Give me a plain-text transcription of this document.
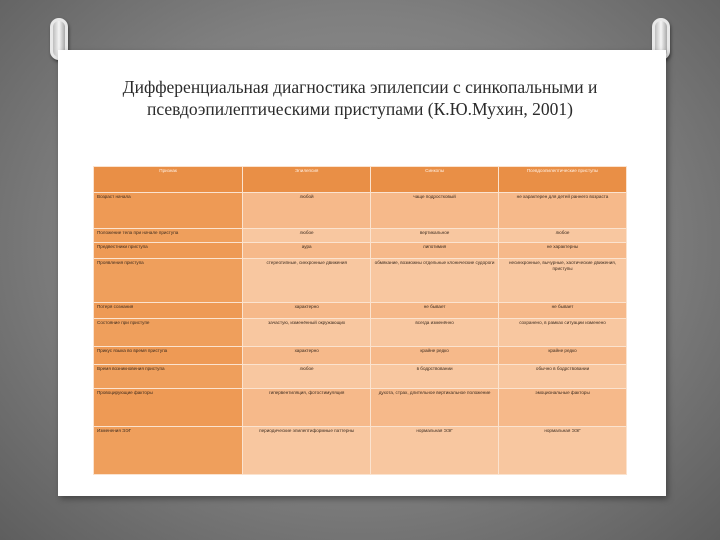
Дифференциальная диагностика эпилепсии с синкопальными и
псевдоэпилептическими приступами (К.Ю.Мухин, 2001)
Признак	Эпилепсия	Синкопы	Псевдоэпилептические приступы
Возраст начала	любой	чаще подростковый	не характерен для детей раннего возраста
Положение тела при начале приступа	любое	вертикальное	любое
Предвестники приступа	аура	липотимия	не характерны
Проявления приступа	стереотипные, синхронные движения	обмякание, возможны отдельные клонические судороги	несинхронные, вычурные, хаотические движения, приступы
Потеря сознания	характерно	не бывает	не бывает
Состояние при приступе	зачастую, изменённый окружающих	всегда изменённо	сохранено, в рамках ситуации изменено
Прикус языка во время приступа	характерно	крайне редко	крайне редко
Время возникновения приступа	любое	в бодрствовании	обычно в бодрствовании
Провоцирующие факторы	гипервентиляция, фотостимуляция	духота, страх, длительное вертикальное положение	эмоциональные факторы
Изменения ЭЭГ	периодические эпилептиформные паттерны	нормальная ЭЭГ	нормальная ЭЭГ
